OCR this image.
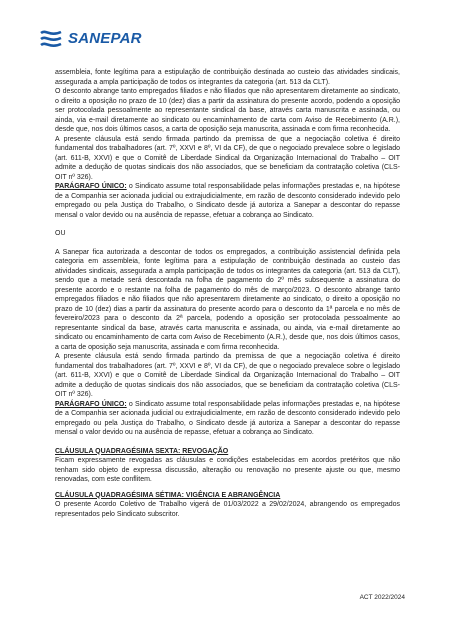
SANEPAR

assembleia, fonte legítima para a estipulação de contribuição destinada ao custeio das atividades sindicais, assegurada a ampla participação de todos os integrantes da categoria (art. 513 da CLT).

O desconto abrange tanto empregados filiados e não filiados que não apresentarem diretamente ao sindicato, o direito a oposição no prazo de 10 (dez) dias a partir da assinatura do presente acordo, podendo a oposição ser protocolada pessoalmente ao representante sindical da base, através carta manuscrita e assinada, ou ainda, via e-mail diretamente ao sindicato ou encaminhamento de carta com Aviso de Recebimento (A.R.), desde que, nos dois últimos casos, a carta de oposição seja manuscrita, assinada e com firma reconhecida.

A presente cláusula está sendo firmada partindo da premissa de que a negociação coletiva é direito fundamental dos trabalhadores (art. 7º, XXVI e 8º, VI da CF), de que o negociado prevalece sobre o legislado (art. 611-B, XXVI) e que o Comitê de Liberdade Sindical da Organização Internacional do Trabalho – OIT admite a dedução de quotas sindicais dos não associados, que se beneficiam da contratação coletiva (CLS-OIT nº 326).

PARÁGRAFO ÚNICO: o Sindicato assume total responsabilidade pelas informações prestadas e, na hipótese de a Companhia ser acionada judicial ou extrajudicialmente, em razão de desconto considerado indevido pelo empregado ou pela Justiça do Trabalho, o Sindicato desde já autoriza a Sanepar a descontar do repasse mensal o valor devido ou na ausência de repasse, efetuar a cobrança ao Sindicato.

OU

A Sanepar fica autorizada a descontar de todos os empregados, a contribuição assistencial definida pela categoria em assembleia, fonte legítima para a estipulação de contribuição destinada ao custeio das atividades sindicais, assegurada a ampla participação de todos os integrantes da categoria (art. 513 da CLT), sendo que a metade será descontada na folha de pagamento do 2º mês subsequente a assinatura do presente acordo e o restante na folha de pagamento do mês de março/2023. O desconto abrange tanto empregados filiados e não filiados que não apresentarem diretamente ao sindicato, o direito a oposição no prazo de 10 (dez) dias a partir da assinatura do presente acordo para o desconto da 1ª parcela e no mês de fevereiro/2023 para o desconto da 2ª parcela, podendo a oposição ser protocolada pessoalmente ao representante sindical da base, através carta manuscrita e assinada, ou ainda, via e-mail diretamente ao sindicato ou encaminhamento de carta com Aviso de Recebimento (A.R.), desde que, nos dois últimos casos, a carta de oposição seja manuscrita, assinada e com firma reconhecida.

A presente cláusula está sendo firmada partindo da premissa de que a negociação coletiva é direito fundamental dos trabalhadores (art. 7º, XXVI e 8º, VI da CF), de que o negociado prevalece sobre o legislado (art. 611-B, XXVI) e que o Comitê de Liberdade Sindical da Organização Internacional do Trabalho – OIT admite a dedução de quotas sindicais dos não associados, que se beneficiam da contratação coletiva (CLS-OIT nº 326).

PARÁGRAFO ÚNICO: o Sindicato assume total responsabilidade pelas informações prestadas e, na hipótese de a Companhia ser acionada judicial ou extrajudicialmente, em razão de desconto considerado indevido pelo empregado ou pela Justiça do Trabalho, o Sindicato desde já autoriza a Sanepar a descontar do repasse mensal o valor devido ou na ausência de repasse, efetuar a cobrança ao Sindicato.

CLÁUSULA QUADRAGÉSIMA SEXTA: REVOGAÇÃO

Ficam expressamente revogadas as cláusulas e condições estabelecidas em acordos pretéritos que não tenham sido objeto de expressa discussão, alteração ou renovação no presente ajuste ou que, mesmo renovadas, com este conflitem.

CLÁUSULA QUADRAGÉSIMA SÉTIMA: VIGÊNCIA E ABRANGÊNCIA

O presente Acordo Coletivo de Trabalho vigerá de 01/03/2022 a 29/02/2024, abrangendo os empregados representados pelo Sindicato subscritor.

ACT 2022/2024
